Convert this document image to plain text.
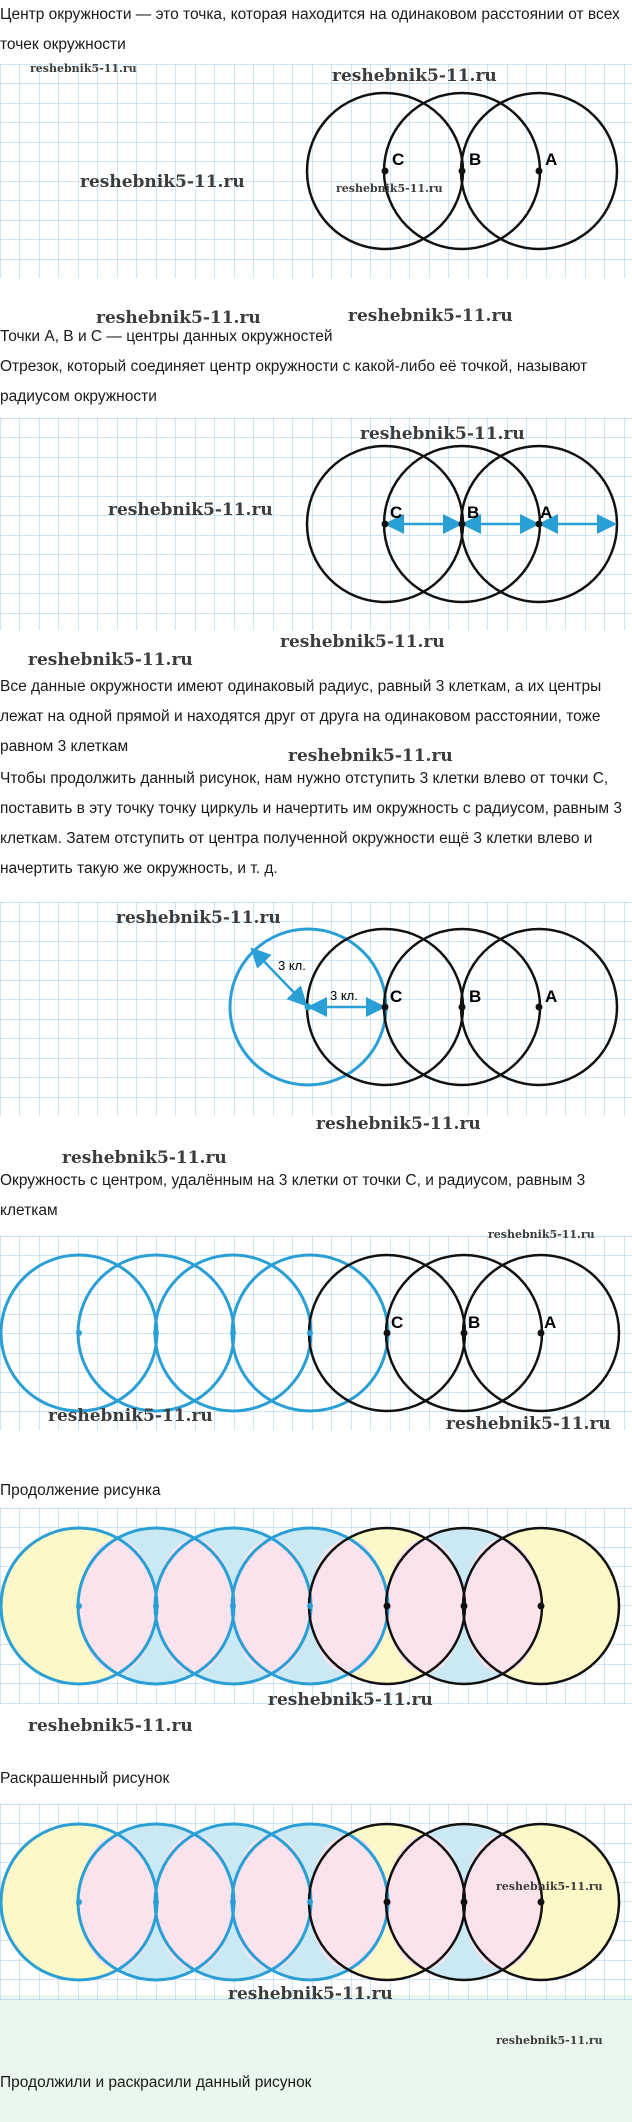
Центр окружности — это точка, которая находится на одинаковом расстоянии от всех точек окружности

C	B	A
reshebnik5-11.ru	reshebnik5-11.ru
reshebnik5-11.ru	reshebnik5-11.ru
reshebnik5-11.ru	reshebnik5-11.ru

Точки A, B и C — центры данных окружностей

Отрезок, который соединяет центр окружности с какой-либо её точкой, называют радиусом окружности

C	B	A
reshebnik5-11.ru
reshebnik5-11.ru
reshebnik5-11.ru
reshebnik5-11.ru

Все данные окружности имеют одинаковый радиус, равный 3 клеткам, а их центры лежат на одной прямой и находятся друг от друга на одинаковом расстоянии, тоже равном 3 клеткам	reshebnik5-11.ru

Чтобы продолжить данный рисунок, нам нужно отступить 3 клетки влево от точки C, поставить в эту точку точку циркуль и начертить им окружность с радиусом, равным 3 клеткам. Затем отступить от центра полученной окружности ещё 3 клетки влево и начертить такую же окружность, и т. д.

3 кл.
3 кл. C	B	A
reshebnik5-11.ru
reshebnik5-11.ru
reshebnik5-11.ru

Окружность с центром, удалённым на 3 клетки от точки C, и радиусом, равным 3 клеткам

C	B	A
reshebnik5-11.ru
reshebnik5-11.ru	reshebnik5-11.ru

Продолжение рисунка

reshebnik5-11.ru
reshebnik5-11.ru

Раскрашенный рисунок

reshebnik5-11.ru
reshebnik5-11.ru
reshebnik5-11.ru

Продолжили и раскрасили данный рисунок
